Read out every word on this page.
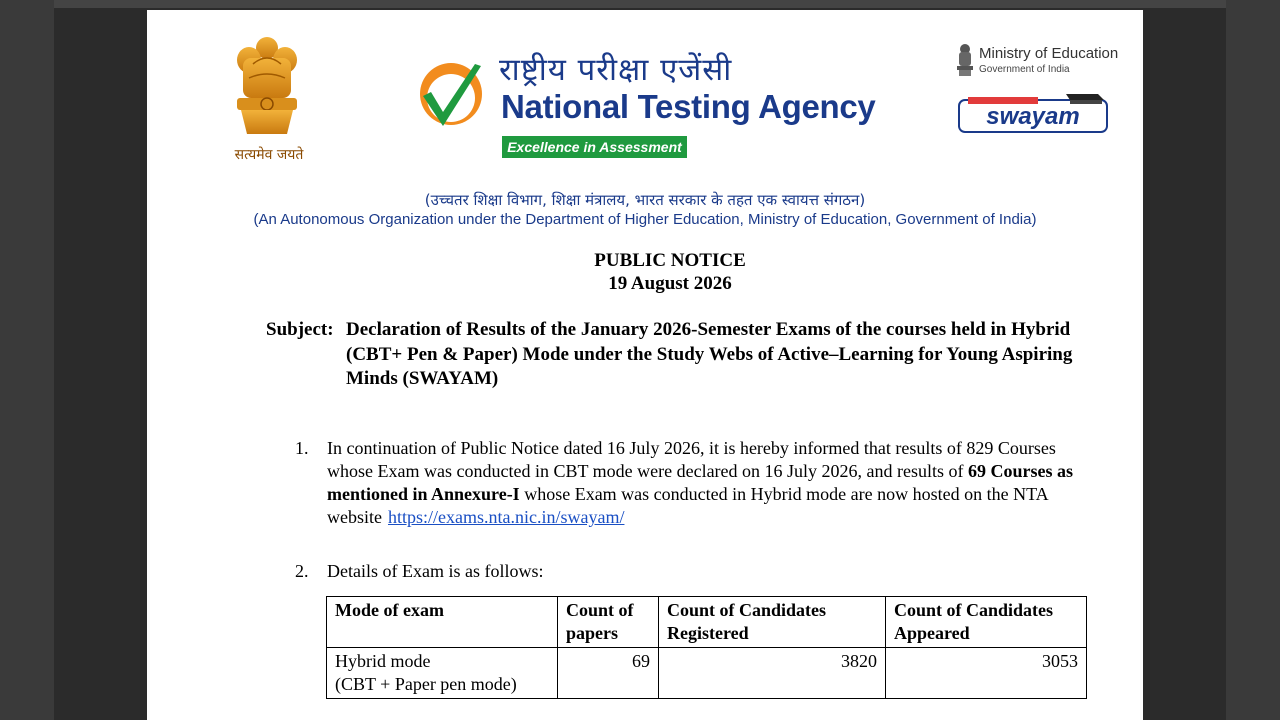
सत्यमेव जयते
राष्ट्रीय परीक्षा एजेंसी
National Testing Agency
Excellence in Assessment
Ministry of Education
Government of India
swayam
(उच्चतर शिक्षा विभाग, शिक्षा मंत्रालय, भारत सरकार के तहत एक स्वायत्त संगठन)
(An Autonomous Organization under the Department of Higher Education, Ministry of Education, Government of India)
PUBLIC NOTICE
19 August 2026
Subject: Declaration of Results of the January 2026-Semester Exams of the courses held in Hybrid (CBT+ Pen & Paper) Mode under the Study Webs of Active–Learning for Young Aspiring Minds (SWAYAM)
1. In continuation of Public Notice dated 16 July 2026, it is hereby informed that results of 829 Courses whose Exam was conducted in CBT mode were declared on 16 July 2026, and results of 69 Courses as mentioned in Annexure-I whose Exam was conducted in Hybrid mode are now hosted on the NTA website https://exams.nta.nic.in/swayam/
2. Details of Exam is as follows:
Mode of exam	Count of papers	Count of Candidates Registered	Count of Candidates Appeared

Hybrid mode
(CBT + Paper pen mode)	69	3820	3053
